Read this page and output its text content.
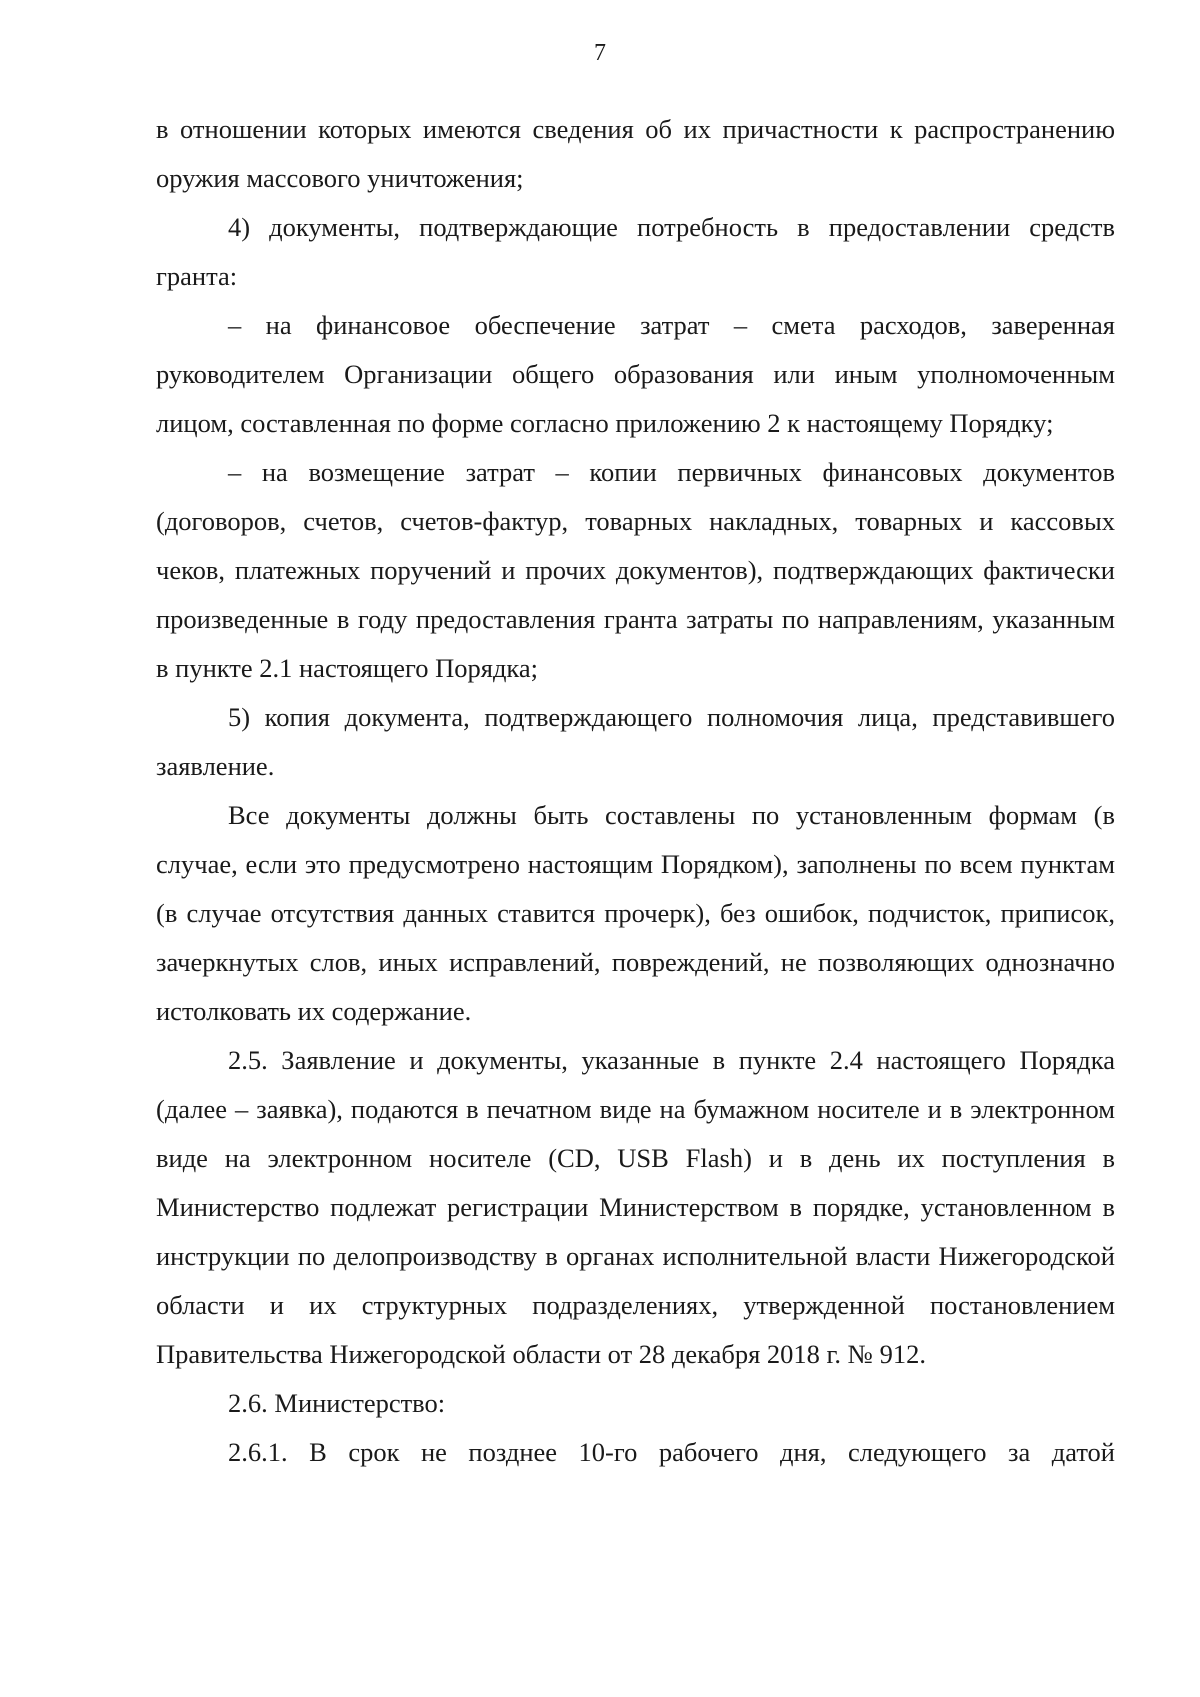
7

в отношении которых имеются сведения об их причастности к распространению оружия массового уничтожения;

4) документы, подтверждающие потребность в предоставлении средств гранта:

– на финансовое обеспечение затрат – смета расходов, заверенная руководителем Организации общего образования или иным уполномоченным лицом, составленная по форме согласно приложению 2 к настоящему Порядку;

– на возмещение затрат – копии первичных финансовых документов (договоров, счетов, счетов-фактур, товарных накладных, товарных и кассовых чеков, платежных поручений и прочих документов), подтверждающих фактически произведенные в году предоставления гранта затраты по направлениям, указанным в пункте 2.1 настоящего Порядка;

5) копия документа, подтверждающего полномочия лица, представившего заявление.

Все документы должны быть составлены по установленным формам (в случае, если это предусмотрено настоящим Порядком), заполнены по всем пунктам (в случае отсутствия данных ставится прочерк), без ошибок, подчисток, приписок, зачеркнутых слов, иных исправлений, повреждений, не позволяющих однозначно истолковать их содержание.

2.5. Заявление и документы, указанные в пункте 2.4 настоящего Порядка (далее – заявка), подаются в печатном виде на бумажном носителе и в электронном виде на электронном носителе (CD, USB Flash) и в день их поступления в Министерство подлежат регистрации Министерством в порядке, установленном в инструкции по делопроизводству в органах исполнительной власти Нижегородской области и их структурных подразделениях, утвержденной постановлением Правительства Нижегородской области от 28 декабря 2018 г. № 912.

2.6. Министерство:

2.6.1. В срок не позднее 10-го рабочего дня, следующего за датой
